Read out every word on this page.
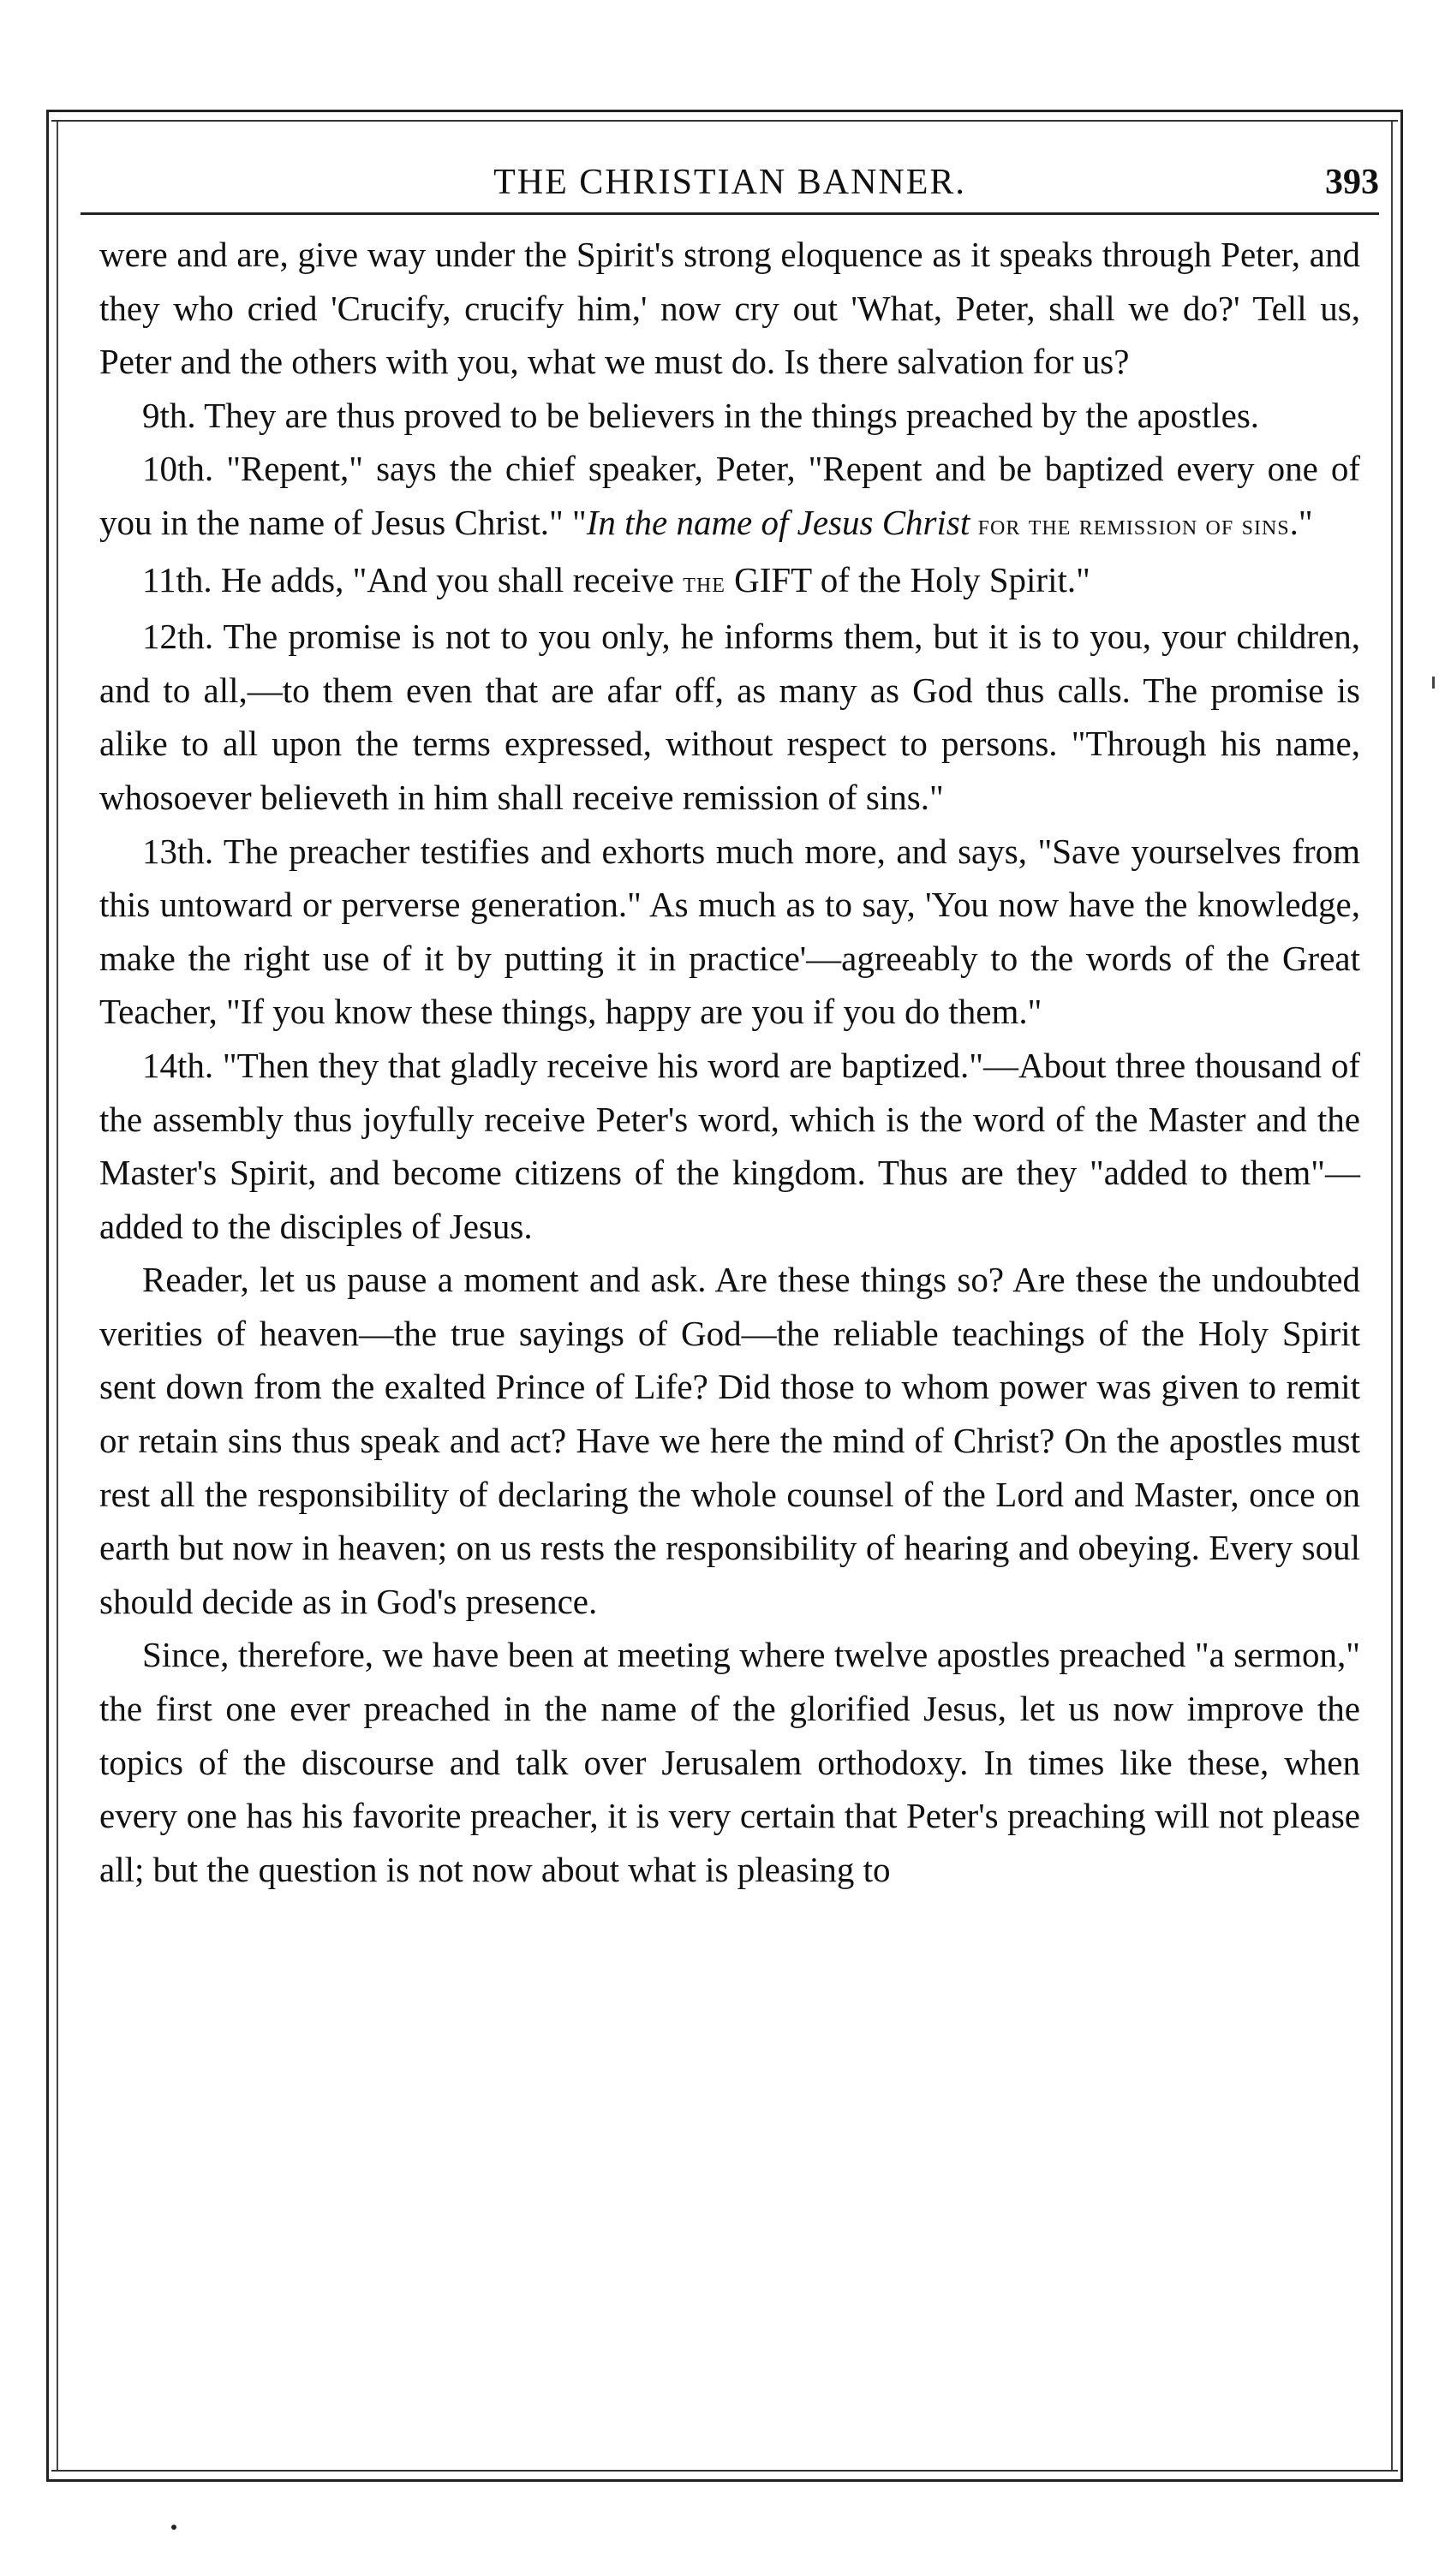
THE CHRISTIAN BANNER.	393

were and are, give way under the Spirit's strong eloquence as it speaks through Peter, and they who cried 'Crucify, crucify him,' now cry out 'What, Peter, shall we do?' Tell us, Peter and the others with you, what we must do. Is there salvation for us?

9th. They are thus proved to be believers in the things preached by the apostles.

10th. "Repent," says the chief speaker, Peter, "Repent and be baptized every one of you in the name of Jesus Christ." "In the name of Jesus Christ for the remission of sins."

11th. He adds, "And you shall receive the GIFT of the Holy Spirit."

12th. The promise is not to you only, he informs them, but it is to you, your children, and to all,—to them even that are afar off, as many as God thus calls. The promise is alike to all upon the terms expressed, without respect to persons. "Through his name, whosoever believeth in him shall receive remission of sins."

13th. The preacher testifies and exhorts much more, and says, "Save yourselves from this untoward or perverse generation." As much as to say, 'You now have the knowledge, make the right use of it by putting it in practice'—agreeably to the words of the Great Teacher, "If you know these things, happy are you if you do them."

14th. "Then they that gladly receive his word are baptized."—About three thousand of the assembly thus joyfully receive Peter's word, which is the word of the Master and the Master's Spirit, and become citizens of the kingdom. Thus are they "added to them"—added to the disciples of Jesus.

Reader, let us pause a moment and ask. Are these things so? Are these the undoubted verities of heaven—the true sayings of God—the reliable teachings of the Holy Spirit sent down from the exalted Prince of Life? Did those to whom power was given to remit or retain sins thus speak and act? Have we here the mind of Christ? On the apostles must rest all the responsibility of declaring the whole counsel of the Lord and Master, once on earth but now in heaven; on us rests the responsibility of hearing and obeying. Every soul should decide as in God's presence.

Since, therefore, we have been at meeting where twelve apostles preached "a sermon," the first one ever preached in the name of the glorified Jesus, let us now improve the topics of the discourse and talk over Jerusalem orthodoxy. In times like these, when every one has his favorite preacher, it is very certain that Peter's preaching will not please all; but the question is not now about what is pleasing to
